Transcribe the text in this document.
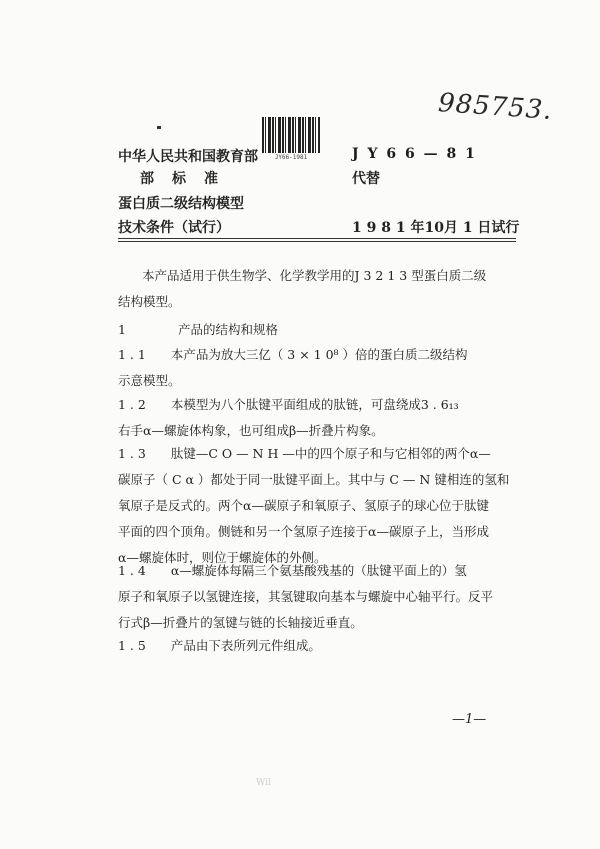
985753.
JY66-1981
中华人民共和国教育部
部　标　准
蛋白质二级结构模型
技术条件（试行）
J Y 6 6 — 8 1
代替
1 9 8 1 年10月 1 日试行

本产品适用于供生物学、化学教学用的J 3 2 1 3 型蛋白质二级

结构模型。

1	产品的结构和规格

1 . 1　　本产品为放大三亿（ 3 × 1 0⁸ ）倍的蛋白质二级结构

示意模型。

1 . 2　　本模型为八个肽键平面组成的肽链，可盘绕成3 . 6₁₃

右手α—螺旋体构象，也可组成β—折叠片构象。

1 . 3　　肽键—C O — N H —中的四个原子和与它相邻的两个α—

碳原子（ C α ）都处于同一肽键平面上。其中与 C — N 键相连的氢和

氧原子是反式的。两个α—碳原子和氧原子、氢原子的球心位于肽键

平面的四个顶角。侧链和另一个氢原子连接于α—碳原子上，当形成

α—螺旋体时，则位于螺旋体的外侧。

1 . 4　　α—螺旋体每隔三个氨基酸残基的（肽键平面上的）氢

原子和氧原子以氢键连接，其氢键取向基本与螺旋中心轴平行。反平

行式β—折叠片的氢键与链的长轴接近垂直。

1 . 5　　产品由下表所列元件组成。

—1—
Wil
